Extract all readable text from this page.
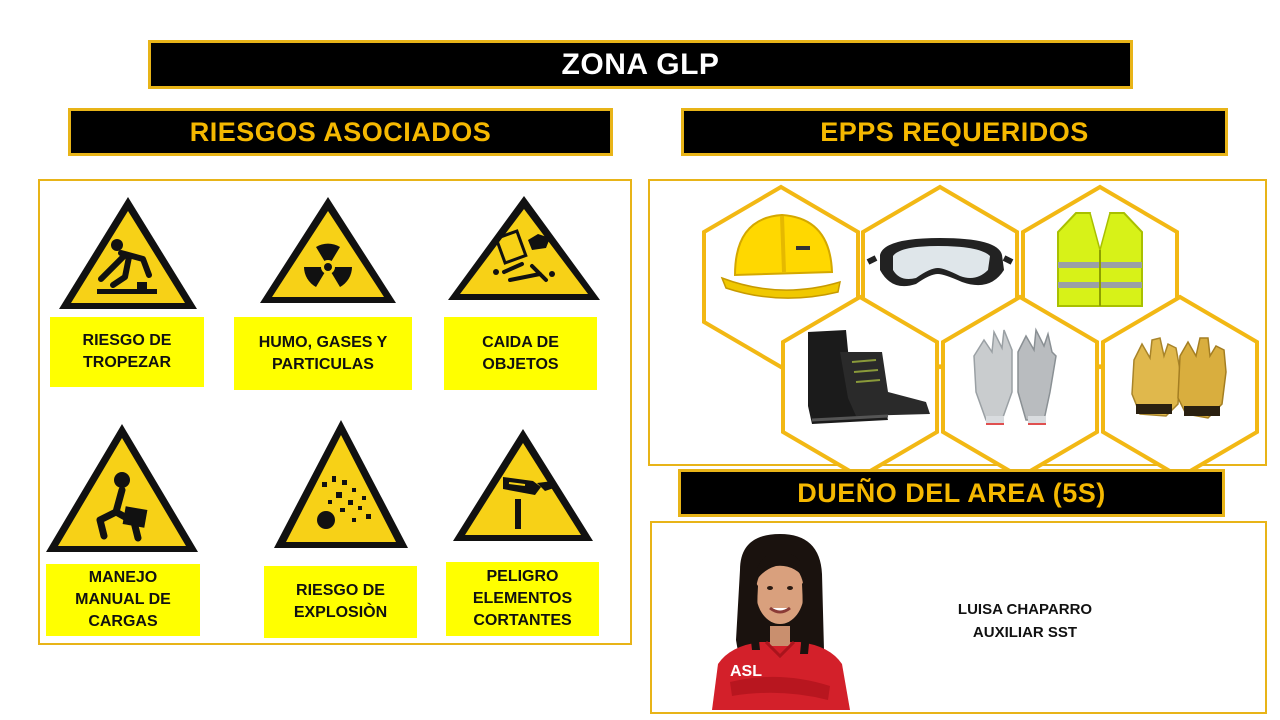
ZONA GLP
RIESGOS ASOCIADOS
RIESGO DE
TROPEZAR
HUMO, GASES Y
PARTICULAS
CAIDA DE
OBJETOS
MANEJO
MANUAL DE
CARGAS
RIESGO DE
EXPLOSIÒN
PELIGRO
ELEMENTOS
CORTANTES
EPPS REQUERIDOS
DUEÑO DEL AREA (5S)
ASL
LUISA CHAPARRO
AUXILIAR SST
